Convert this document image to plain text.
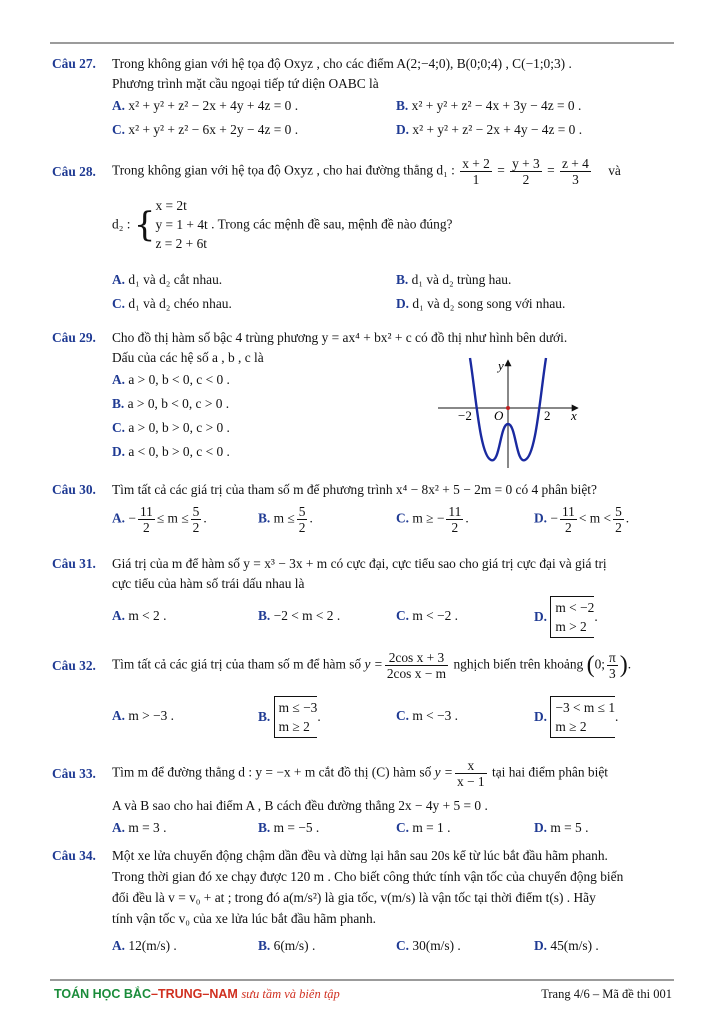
Câu 27. Trong không gian với hệ tọa độ Oxyz , cho các điểm A(2;−4;0), B(0;0;4) , C(−1;0;3) .
Phương trình mặt cầu ngoại tiếp tứ diện OABC là
A. x² + y² + z² − 2x + 4y + 4z = 0 .	B. x² + y² + z² − 4x + 3y − 4z = 0 .
C. x² + y² + z² − 6x + 2y − 4z = 0 .	D. x² + y² + z² − 2x + 4y − 4z = 0 .
Câu 28. Trong không gian với hệ tọa độ Oxyz , cho hai đường thẳng d₁ : $\frac{x + 2}{1} = \frac{y + 3}{2} = \frac{z + 4}{3}$ và
d₂ : { x = 2t
y = 1 + 4t
z = 2 + 6t
. Trong các mệnh đề sau, mệnh đề nào đúng?
A. d₁ và d₂ cắt nhau.	B. d₁ và d₂ trùng hau.
C. d₁ và d₂ chéo nhau.	D. d₁ và d₂ song song với nhau.
Câu 29. Cho đồ thị hàm số bậc 4 trùng phương y = ax⁴ + bx² + c có đồ thị như hình bên dưới.
Dấu của các hệ số a , b , c là
A. a > 0, b < 0, c < 0 .
B. a > 0, b < 0, c > 0 .
C. a > 0, b > 0, c > 0 .
D. a < 0, b > 0, c < 0 .
y
x
O
−2	2
Câu 30. Tìm tất cả các giá trị của tham số m để phương trình x⁴ − 8x² + 5 − 2m = 0 có 4 phân biệt?
A. − $\frac{11}{2} \le m \le \frac{5}{2}$ .	B. $m \le \frac{5}{2}$ .	C. m ≥ − $\frac{11}{2}$ .	D. − $\frac{11}{2} < m < \frac{5}{2}$ .
Câu 31. Giá trị của m để hàm số y = x³ − 3x + m có cực đại, cực tiểu sao cho giá trị cực đại và giá trị
cực tiểu của hàm số trái dấu nhau là
A. m < 2 .	B. −2 < m < 2 .	C. m < −2 .	D.
m < −2
m > 2
.
Câu 32. Tìm tất cả các giá trị của tham số m để hàm số $y = \frac{\text{2cos x + 3}}{\text{2cos x − m}}$ nghịch biến trên khoảng (0; $\frac{\pi}{3}$ ).
A. m > −3 .	B.
m ≤ −3
m ≥ 2
.	C. m < −3 .	D.
−3 < m ≤ 1
m ≥ 2
.
Câu 33. Tìm m để đường thẳng d : y = −x + m cắt đồ thị (C) hàm số $y = \frac{x}{x - 1}$ tại hai điểm phân biệt
A và B sao cho hai điểm A , B cách đều đường thẳng 2x − 4y + 5 = 0 .
A. m = 3 .	B. m = −5 .	C. m = 1 .	D. m = 5 .
Câu 34. Một xe lửa chuyển động chậm dần đều và dừng lại hẳn sau 20s kể từ lúc bắt đầu hãm phanh.
Trong thời gian đó xe chạy được 120 m . Cho biết công thức tính vận tốc của chuyển động biến
đổi đều là v = v₀ + at ; trong đó a(m/s²) là gia tốc, v(m/s) là vận tốc tại thời điểm t(s) . Hãy
tính vận tốc v₀ của xe lửa lúc bắt đầu hãm phanh.
A. 12(m/s) .	B. 6(m/s) .	C. 30(m/s) .	D. 45(m/s) .
TOÁN HỌC BẮC–TRUNG–NAM sưu tầm và biên tập	Trang 4/6 – Mã đề thi 001
